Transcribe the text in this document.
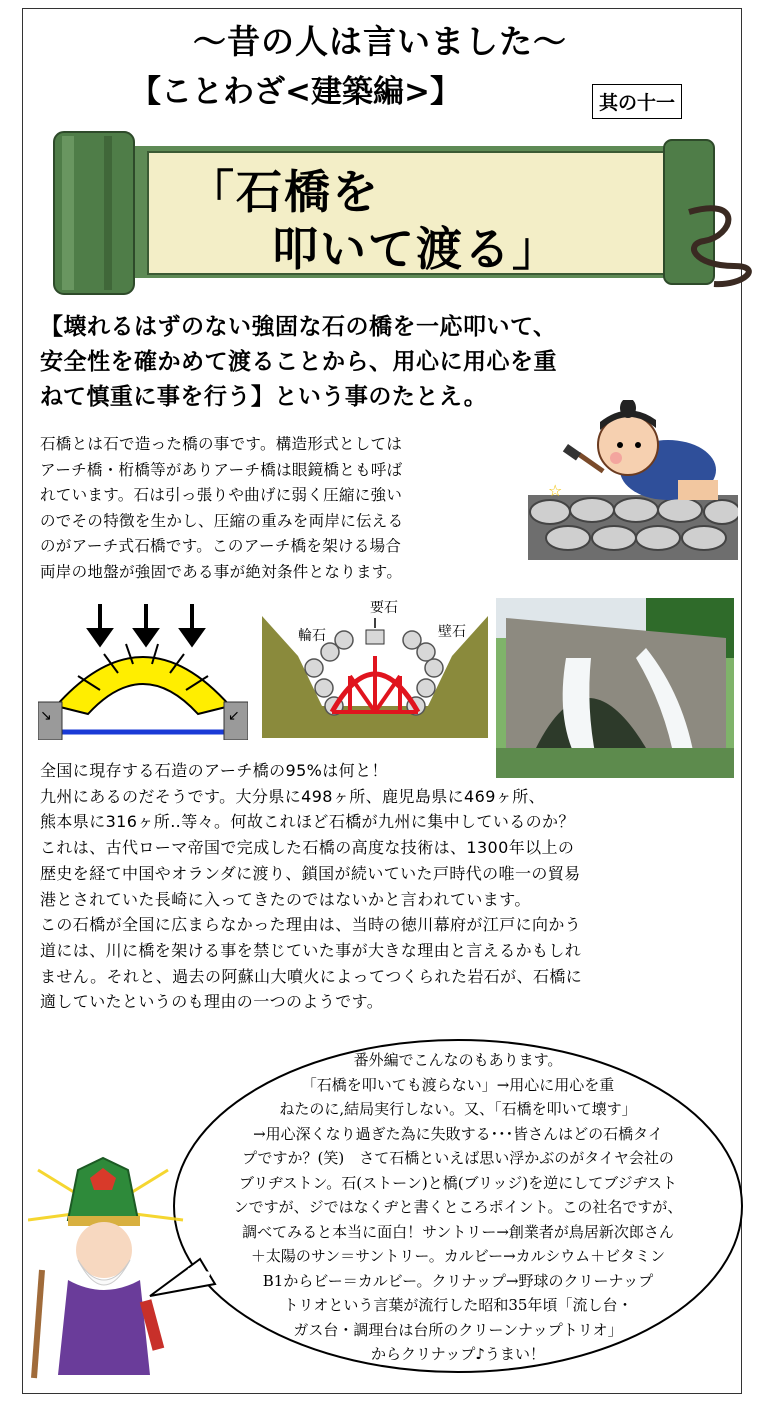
～昔の人は言いました～
【ことわざ<建築編>】	其の十一
「石橋を
叩いて渡る」
【壊れるはずのない強固な石の橋を一応叩いて、
安全性を確かめて渡ることから、用心に用心を重
ねて慎重に事を行う】という事のたとえ。
石橋とは石で造った橋の事です。構造形式としては
アーチ橋・桁橋等がありアーチ橋は眼鏡橋とも呼ば
れています。石は引っ張りや曲げに弱く圧縮に強い
のでその特徴を生かし、圧縮の重みを両岸に伝える
のがアーチ式石橋です。このアーチ橋を架ける場合
両岸の地盤が強固である事が絶対条件となります。
☆
↘	↙
要石
輪石	壁石
全国に現存する石造のアーチ橋の95%は何と！
九州にあるのだそうです。大分県に498ヶ所、鹿児島県に469ヶ所、
熊本県に316ヶ所‥等々。何故これほど石橋が九州に集中しているのか？
これは、古代ローマ帝国で完成した石橋の高度な技術は、1300年以上の
歴史を経て中国やオランダに渡り、鎖国が続いていた戸時代の唯一の貿易
港とされていた長崎に入ってきたのではないかと言われています。
この石橋が全国に広まらなかった理由は、当時の徳川幕府が江戸に向かう
道には、川に橋を架ける事を禁じていた事が大きな理由と言えるかもしれ
ません。それと、過去の阿蘇山大噴火によってつくられた岩石が、石橋に
適していたというのも理由の一つのようです。
番外編でこんなのもあります。
「石橋を叩いても渡らない」→用心に用心を重
ねたのに,結局実行しない。又、「石橋を叩いて壊す」
→用心深くなり過ぎた為に失敗する･･･皆さんはどの石橋タイ
プですか？(笑)　さて石橋といえば思い浮かぶのがタイヤ会社の
ブリヂストン。石(ストーン)と橋(ブリッジ)を逆にしてブジヂスト
ンですが、ジではなくヂと書くところポイント。この社名ですが、
調べてみると本当に面白！サントリー→創業者が鳥居新次郎さん
＋太陽のサン＝サントリー。カルビー→カルシウム＋ビタミン
B1からビー＝カルビー。クリナップ→野球のクリーナップ
トリオという言葉が流行した昭和35年頃「流し台・
ガス台・調理台は台所のクリーンナップトリオ」
からクリナップ♪うまい！
